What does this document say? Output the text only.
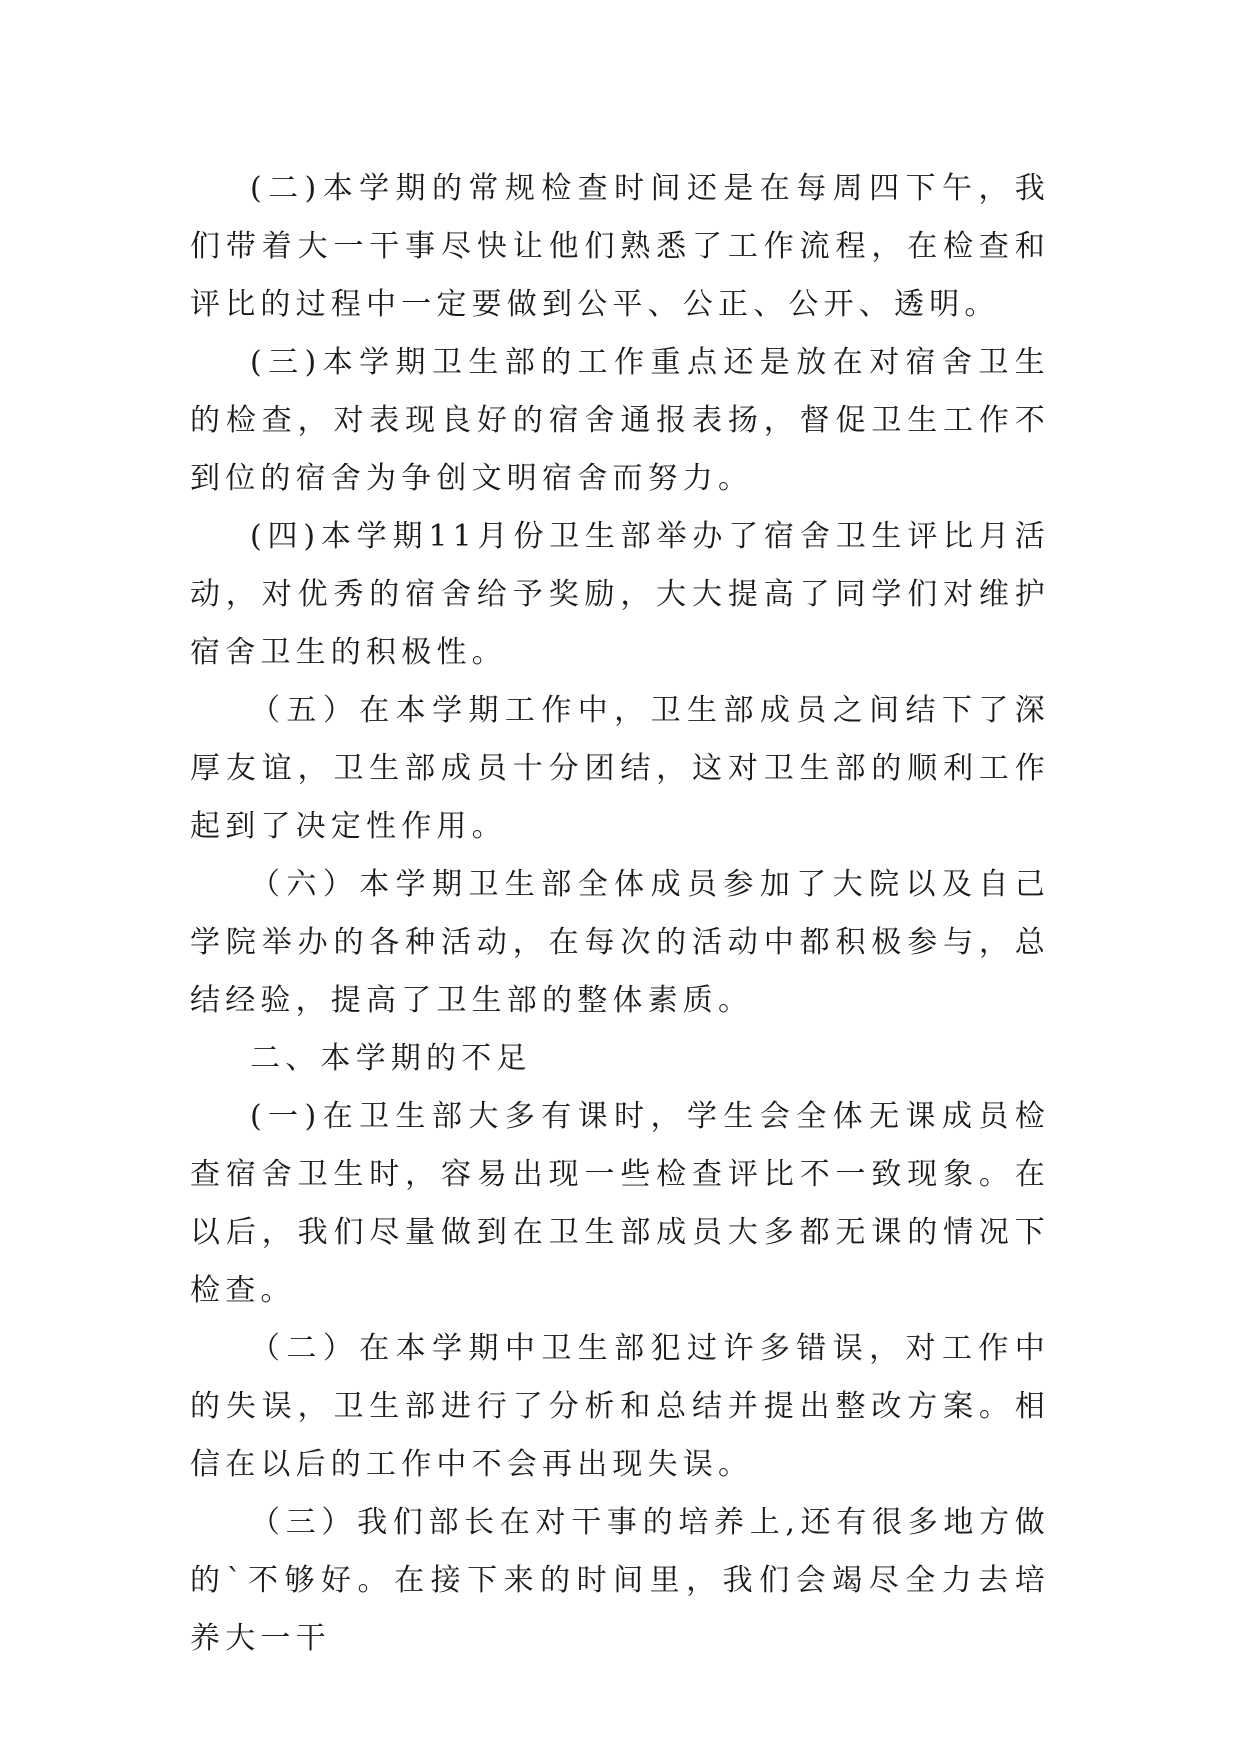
(二)本学期的常规检查时间还是在每周四下午，我们带着大一干事尽快让他们熟悉了工作流程，在检查和评比的过程中一定要做到公平、公正、公开、透明。

(三)本学期卫生部的工作重点还是放在对宿舍卫生的检查，对表现良好的宿舍通报表扬，督促卫生工作不到位的宿舍为争创文明宿舍而努力。

(四)本学期11月份卫生部举办了宿舍卫生评比月活动，对优秀的宿舍给予奖励，大大提高了同学们对维护宿舍卫生的积极性。

（五）在本学期工作中，卫生部成员之间结下了深厚友谊，卫生部成员十分团结，这对卫生部的顺利工作起到了决定性作用。

（六）本学期卫生部全体成员参加了大院以及自己学院举办的各种活动，在每次的活动中都积极参与，总结经验，提高了卫生部的整体素质。

二、本学期的不足

(一)在卫生部大多有课时，学生会全体无课成员检查宿舍卫生时，容易出现一些检查评比不一致现象。在以后，我们尽量做到在卫生部成员大多都无课的情况下检查。

（二）在本学期中卫生部犯过许多错误，对工作中的失误，卫生部进行了分析和总结并提出整改方案。相信在以后的工作中不会再出现失误。

（三）我们部长在对干事的培养上,还有很多地方做的`不够好。在接下来的时间里，我们会竭尽全力去培养大一干
